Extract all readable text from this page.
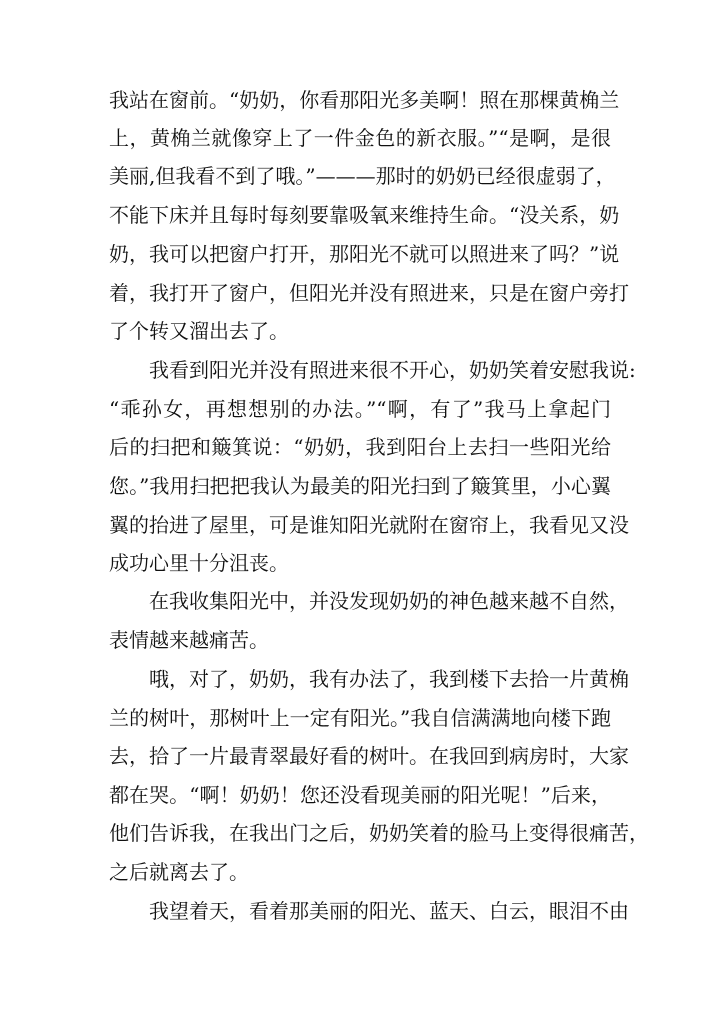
我站在窗前。“奶奶，你看那阳光多美啊！照在那棵黄桷兰
上，黄桷兰就像穿上了一件金色的新衣服。”“是啊，是很
美丽,但我看不到了哦。”———那时的奶奶已经很虚弱了，
不能下床并且每时每刻要靠吸氧来维持生命。“没关系，奶
奶，我可以把窗户打开，那阳光不就可以照进来了吗？”说
着，我打开了窗户，但阳光并没有照进来，只是在窗户旁打
了个转又溜出去了。
我看到阳光并没有照进来很不开心，奶奶笑着安慰我说:
“乖孙女，再想想别的办法。”“啊，有了”我马上拿起门
后的扫把和簸箕说：“奶奶，我到阳台上去扫一些阳光给
您。”我用扫把把我认为最美的阳光扫到了簸箕里，小心翼
翼的抬进了屋里，可是谁知阳光就附在窗帘上，我看见又没
成功心里十分沮丧。
在我收集阳光中，并没发现奶奶的神色越来越不自然，
表情越来越痛苦。
哦，对了，奶奶，我有办法了，我到楼下去拾一片黄桷
兰的树叶，那树叶上一定有阳光。”我自信满满地向楼下跑
去，拾了一片最青翠最好看的树叶。在我回到病房时，大家
都在哭。“啊！奶奶！您还没看现美丽的阳光呢！”后来，
他们告诉我，在我出门之后，奶奶笑着的脸马上变得很痛苦，
之后就离去了。
我望着天，看着那美丽的阳光、蓝天、白云，眼泪不由
